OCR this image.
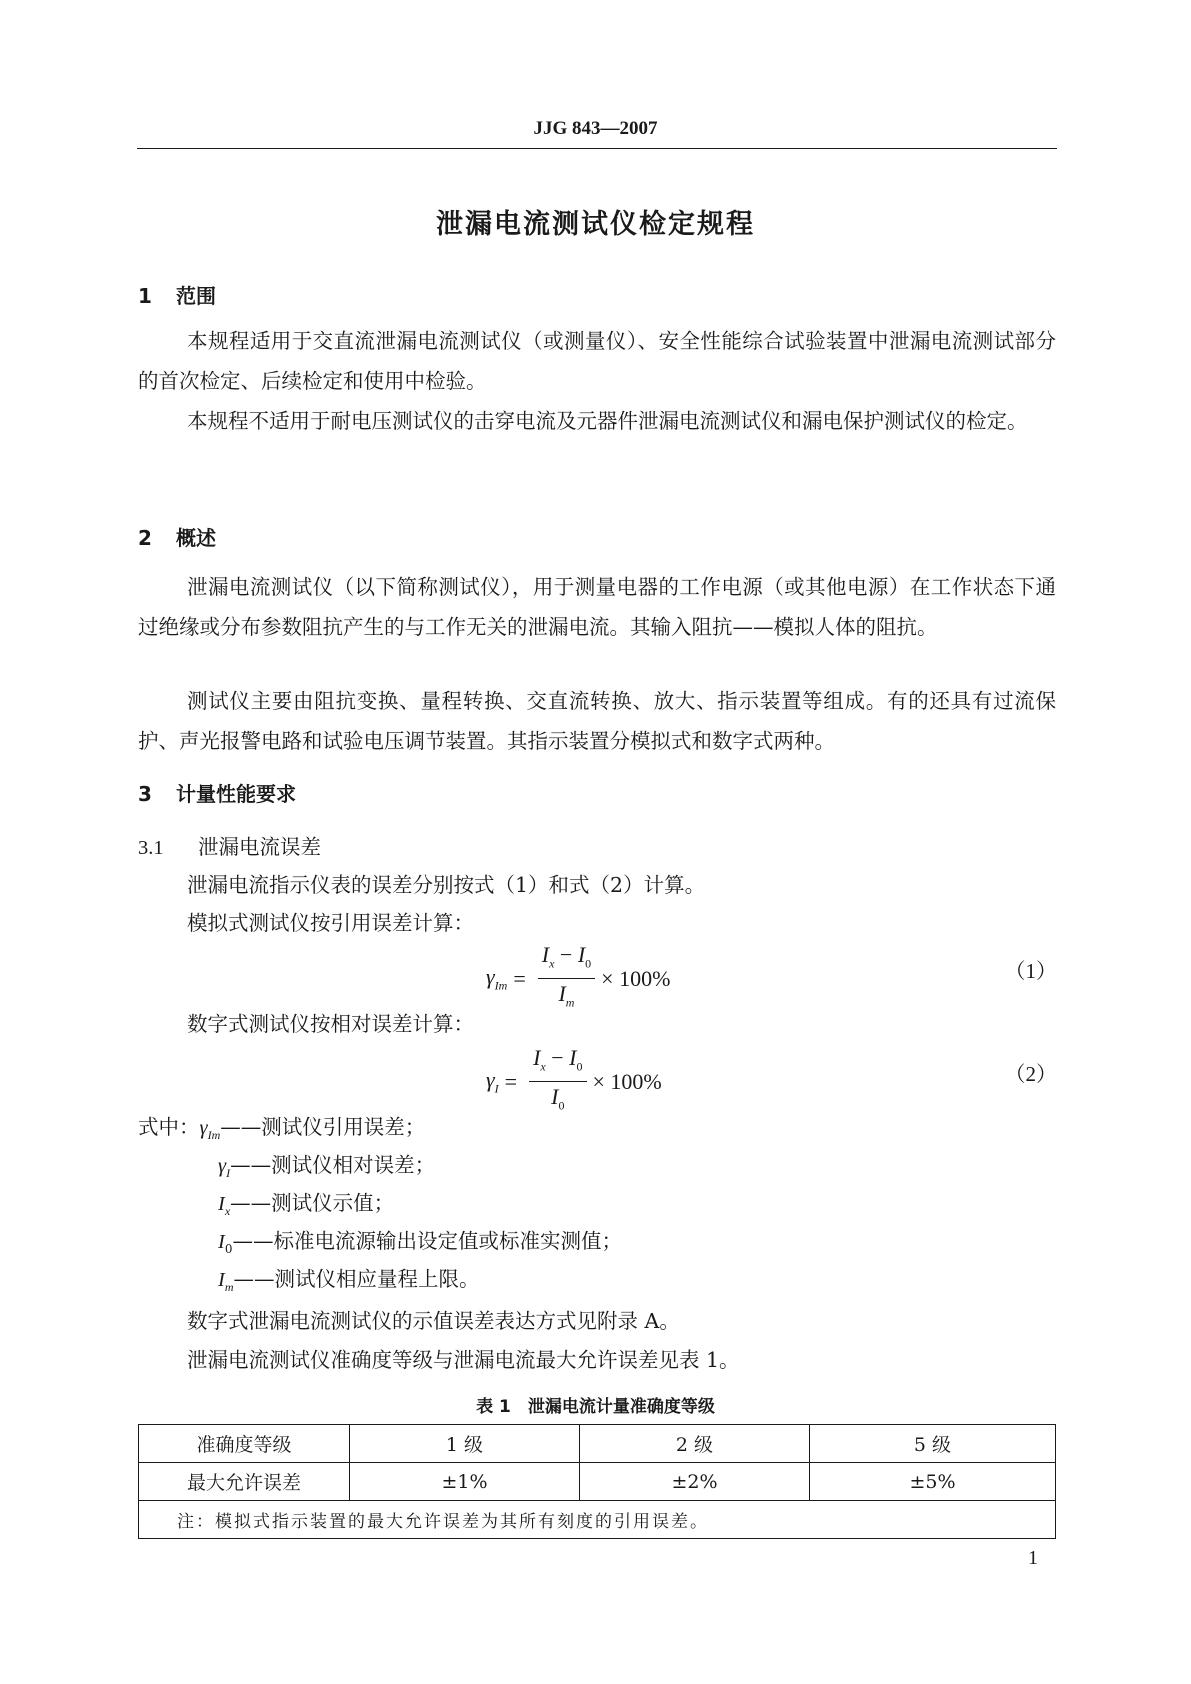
JJG 843—2007
泄漏电流测试仪检定规程
1 范围
本规程适用于交直流泄漏电流测试仪（或测量仪）、安全性能综合试验装置中泄漏电流测试部分的首次检定、后续检定和使用中检验。
本规程不适用于耐电压测试仪的击穿电流及元器件泄漏电流测试仪和漏电保护测试仪的检定。
2 概述
泄漏电流测试仪（以下简称测试仪），用于测量电器的工作电源（或其他电源）在工作状态下通过绝缘或分布参数阻抗产生的与工作无关的泄漏电流。其输入阻抗——模拟人体的阻抗。
测试仪主要由阻抗变换、量程转换、交直流转换、放大、指示装置等组成。有的还具有过流保护、声光报警电路和试验电压调节装置。其指示装置分模拟式和数字式两种。
3 计量性能要求
3.1 泄漏电流误差
泄漏电流指示仪表的误差分别按式（1）和式（2）计算。
模拟式测试仪按引用误差计算：
$\gamma_{Im} = \frac{I_x - I_0}{I_m} \times 100\%$	（1）
数字式测试仪按相对误差计算：
$\gamma_I = \frac{I_x - I_0}{I_0} \times 100\%$	（2）
式中：$\gamma_{Im}——$测试仪引用误差；
$\gamma_I——$测试仪相对误差；
$I_x——$测试仪示值；
$I_0——$标准电流源输出设定值或标准实测值；
$I_m——$测试仪相应量程上限。
数字式泄漏电流测试仪的示值误差表达方式见附录 A。
泄漏电流测试仪准确度等级与泄漏电流最大允许误差见表 1。
表 1　泄漏电流计量准确度等级
准确度等级	1 级	2 级	5 级
最大允许误差	±1%	±2%	±5%
注：模拟式指示装置的最大允许误差为其所有刻度的引用误差。			
1
